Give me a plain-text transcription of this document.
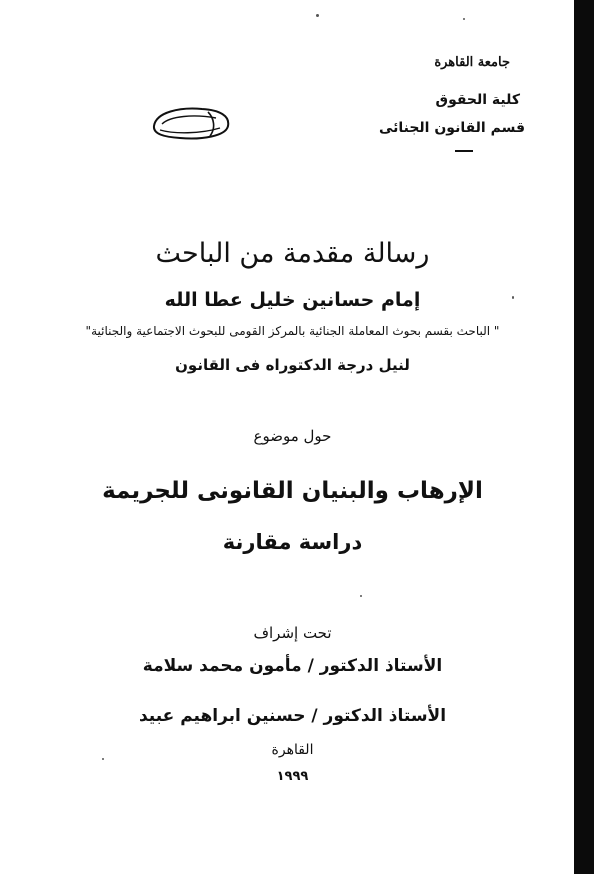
جامعة القاهرة
كلية الحقوق
قسم القانون الجنائى
رسالة مقدمة من الباحث
إمام حسانين خليل عطا الله
" الباحث بقسم بحوث المعاملة الجنائية بالمركز القومى للبحوث الاجتماعية والجنائية"
لنيل درجة الدكتوراه فى القانون
حول موضوع
الإرهاب والبنيان القانونى للجريمة
دراسة مقارنة
تحت إشراف
الأستاذ الدكتور / مأمون محمد سلامة
الأستاذ الدكتور / حسنين ابراهيم عبيد
القاهرة
١٩٩٩
